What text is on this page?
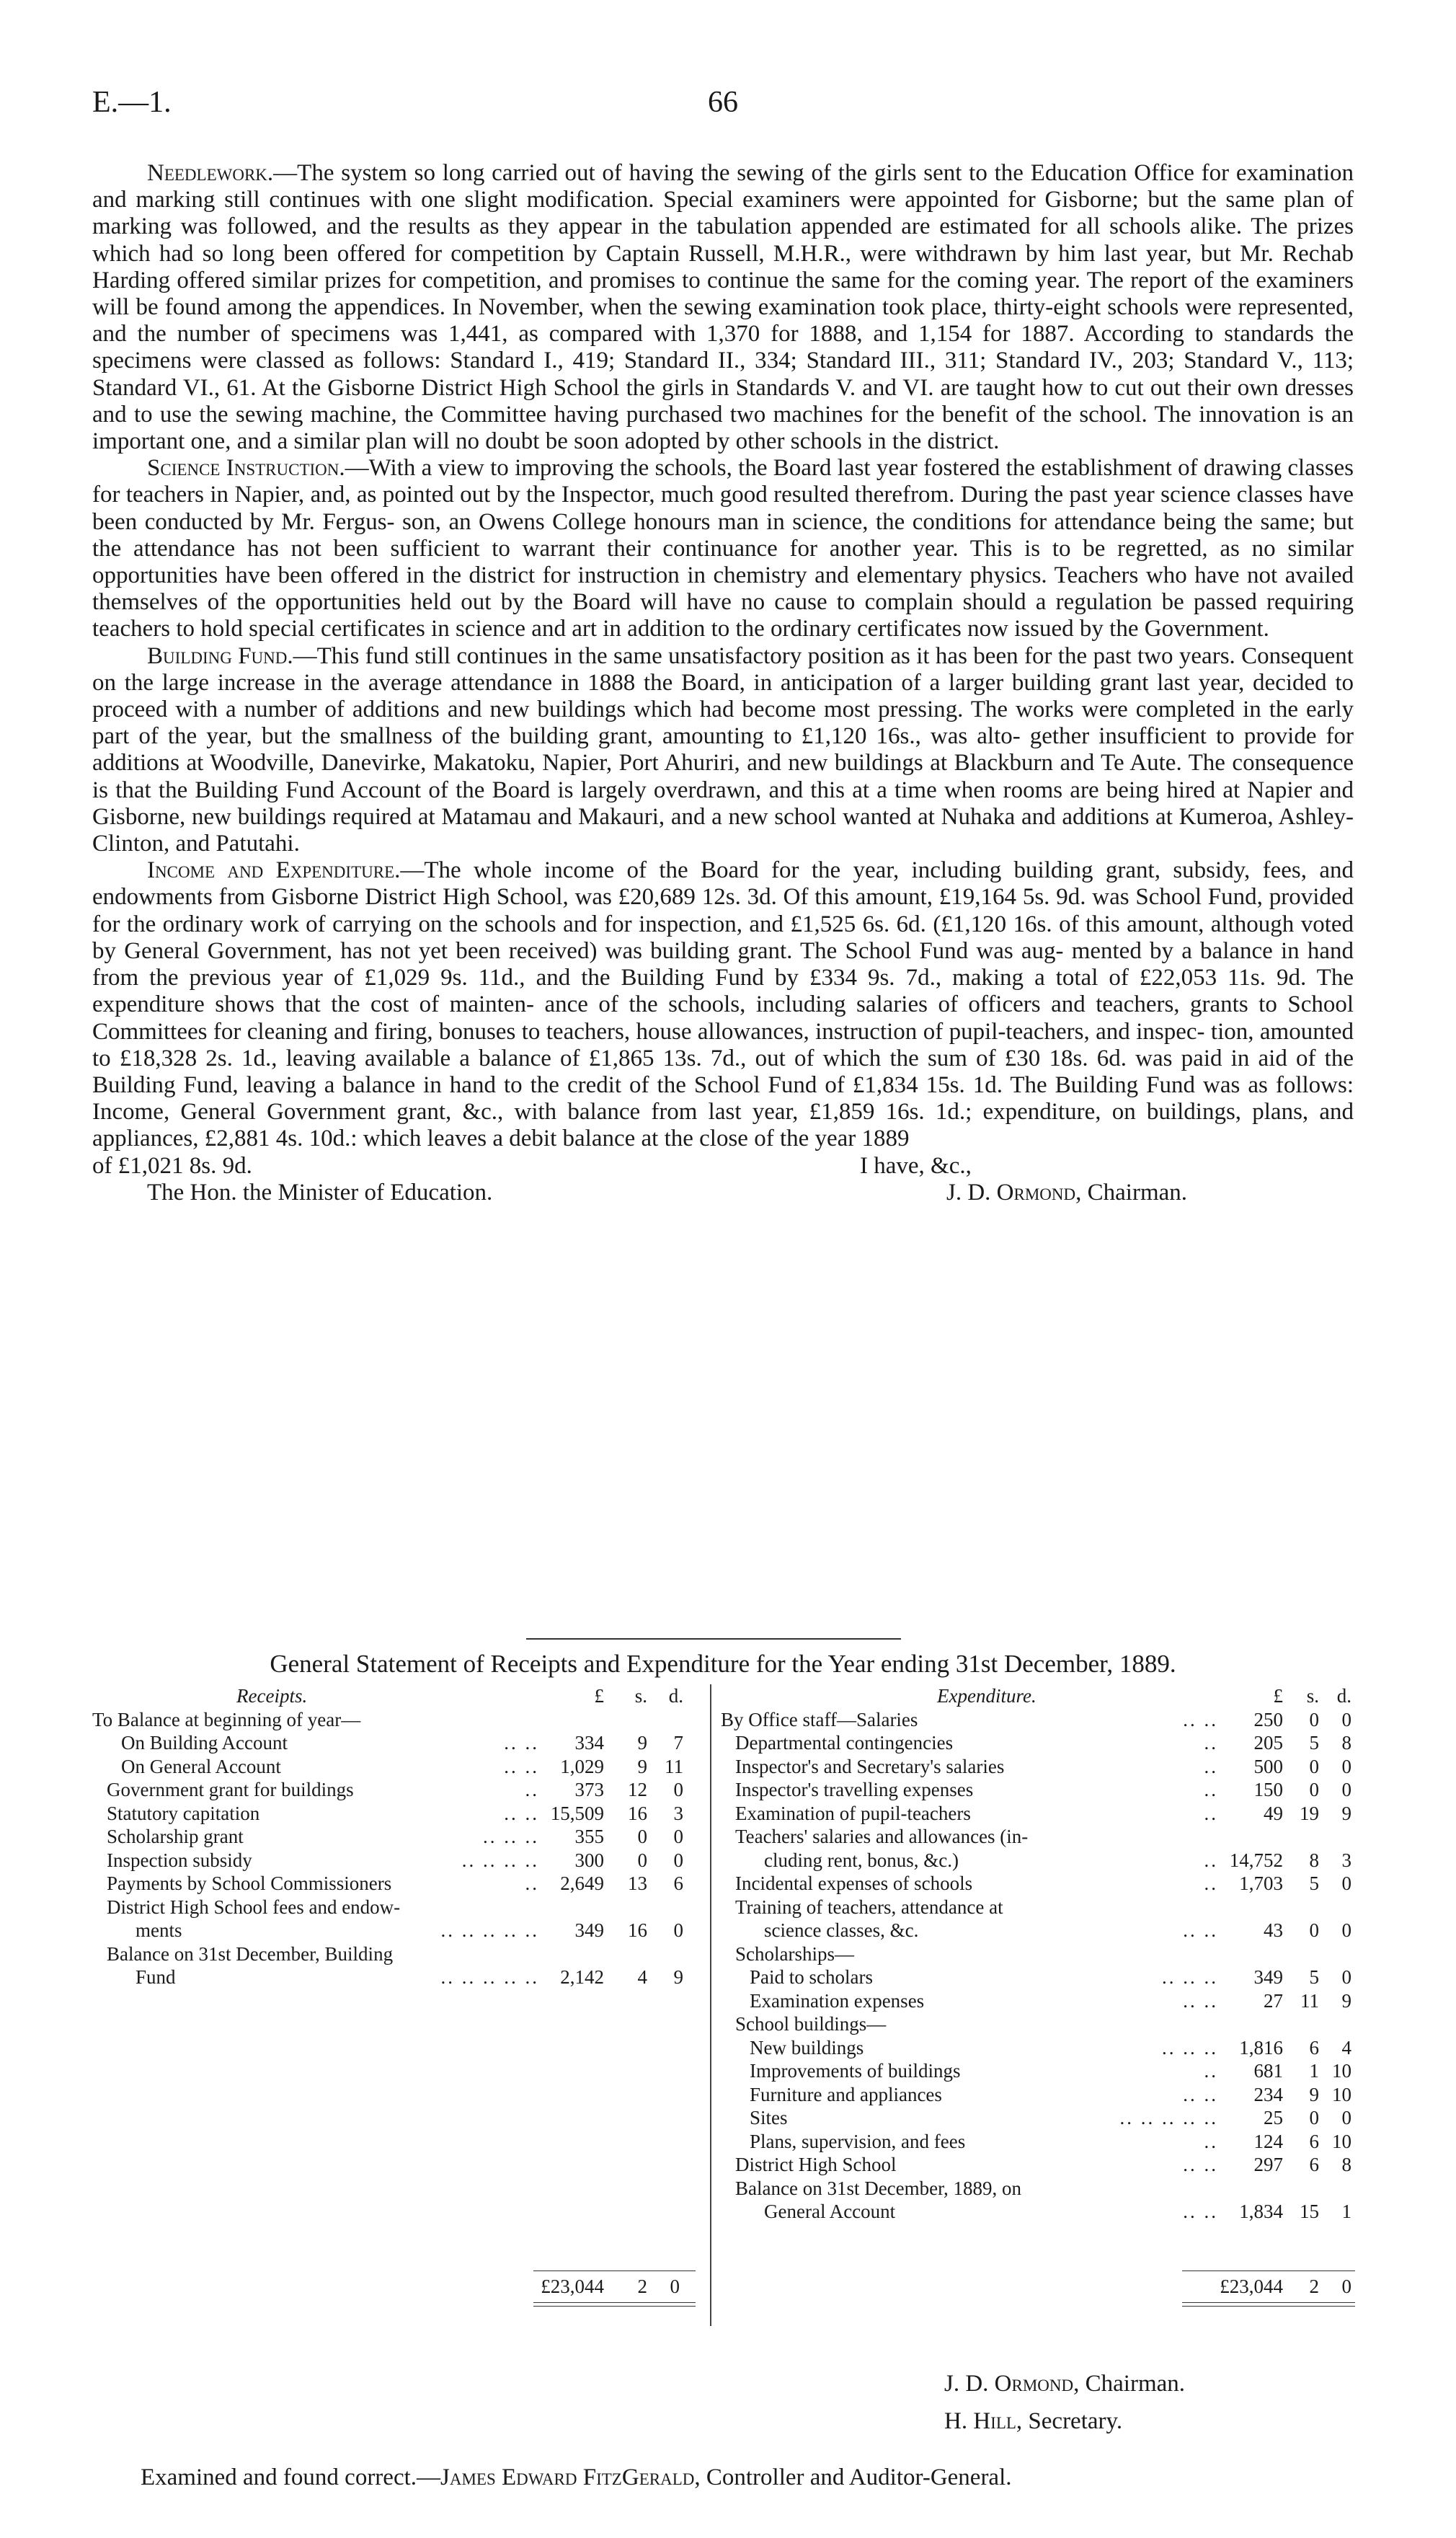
E.—1.	66

Needlework.—The system so long carried out of having the sewing of the girls sent to the Education Office for examination and marking still continues with one slight modification. Special examiners were appointed for Gisborne; but the same plan of marking was followed, and the results as they appear in the tabulation appended are estimated for all schools alike. The prizes which had so long been offered for competition by Captain Russell, M.H.R., were withdrawn by him last year, but Mr. Rechab Harding offered similar prizes for competition, and promises to continue the same for the coming year. The report of the examiners will be found among the appendices. In November, when the sewing examination took place, thirty-eight schools were represented, and the number of specimens was 1,441, as compared with 1,370 for 1888, and 1,154 for 1887. According to standards the specimens were classed as follows: Standard I., 419; Standard II., 334; Standard III., 311; Standard IV., 203; Standard V., 113; Standard VI., 61. At the Gisborne District High School the girls in Standards V. and VI. are taught how to cut out their own dresses and to use the sewing machine, the Committee having purchased two machines for the benefit of the school. The innovation is an important one, and a similar plan will no doubt be soon adopted by other schools in the district.

Science Instruction.—With a view to improving the schools, the Board last year fostered the establishment of drawing classes for teachers in Napier, and, as pointed out by the Inspector, much good resulted therefrom. During the past year science classes have been conducted by Mr. Fergus- son, an Owens College honours man in science, the conditions for attendance being the same; but the attendance has not been sufficient to warrant their continuance for another year. This is to be regretted, as no similar opportunities have been offered in the district for instruction in chemistry and elementary physics. Teachers who have not availed themselves of the opportunities held out by the Board will have no cause to complain should a regulation be passed requiring teachers to hold special certificates in science and art in addition to the ordinary certificates now issued by the Government.

Building Fund.—This fund still continues in the same unsatisfactory position as it has been for the past two years. Consequent on the large increase in the average attendance in 1888 the Board, in anticipation of a larger building grant last year, decided to proceed with a number of additions and new buildings which had become most pressing. The works were completed in the early part of the year, but the smallness of the building grant, amounting to £1,120 16s., was alto- gether insufficient to provide for additions at Woodville, Danevirke, Makatoku, Napier, Port Ahuriri, and new buildings at Blackburn and Te Aute. The consequence is that the Building Fund Account of the Board is largely overdrawn, and this at a time when rooms are being hired at Napier and Gisborne, new buildings required at Matamau and Makauri, and a new school wanted at Nuhaka and additions at Kumeroa, Ashley-Clinton, and Patutahi.

Income and Expenditure.—The whole income of the Board for the year, including building grant, subsidy, fees, and endowments from Gisborne District High School, was £20,689 12s. 3d. Of this amount, £19,164 5s. 9d. was School Fund, provided for the ordinary work of carrying on the schools and for inspection, and £1,525 6s. 6d. (£1,120 16s. of this amount, although voted by General Government, has not yet been received) was building grant. The School Fund was aug- mented by a balance in hand from the previous year of £1,029 9s. 11d., and the Building Fund by £334 9s. 7d., making a total of £22,053 11s. 9d. The expenditure shows that the cost of mainten- ance of the schools, including salaries of officers and teachers, grants to School Committees for cleaning and firing, bonuses to teachers, house allowances, instruction of pupil-teachers, and inspec- tion, amounted to £18,328 2s. 1d., leaving available a balance of £1,865 13s. 7d., out of which the sum of £30 18s. 6d. was paid in aid of the Building Fund, leaving a balance in hand to the credit of the School Fund of £1,834 15s. 1d. The Building Fund was as follows: Income, General Government grant, &c., with balance from last year, £1,859 16s. 1d.; expenditure, on buildings, plans, and appliances, £2,881 4s. 10d.: which leaves a debit balance at the close of the year 1889

of £1,021 8s. 9d.	I have, &c.,
The Hon. the Minister of Education.	J. D. Ormond, Chairman.
General Statement of Receipts and Expenditure for the Year ending 31st December, 1889.
Receipts.	£	s.	d.
To Balance at beginning of year—
On Building Account	.. ..	334	9	7
On General Account	.. ..	1,029	9 11
Government grant for buildings	..	373	12	0
Statutory capitation	.. .. 15,509	16	3
Scholarship grant	.. .. ..	355	0	0
Inspection subsidy	.. .. .. ..	300	0	0
Payments by School Commissioners	..	2,649	13	6
District High School fees and endow-
ments	.. .. .. .. ..	349	16	0
Balance on 31st December, Building
Fund	.. .. .. .. ..	2,142	4	9
Expenditure.	£	s. d.
By Office staff—Salaries	.. ..	250	0	0
Departmental contingencies	..	205	5	8
Inspector's and Secretary's salaries	..	500	0	0
Inspector's travelling expenses	..	150	0	0
Examination of pupil-teachers	..	49 19	9
Teachers' salaries and allowances (in-
cluding rent, bonus, &c.)	.. 14,752	8	3
Incidental expenses of schools	..	1,703	5	0
Training of teachers, attendance at
science classes, &c.	.. ..	43	0	0
Scholarships—
Paid to scholars	.. .. ..	349	5	0
Examination expenses	.. ..	27 11	9
School buildings—
New buildings	.. .. ..	1,816	6	4
Improvements of buildings	..	681	1 10
Furniture and appliances	.. ..	234	9 10
Sites	.. .. .. .. ..	25	0	0
Plans, supervision, and fees	..	124	6 10
District High School	.. ..	297	6	8
Balance on 31st December, 1889, on
General Account	.. ..	1,834 15	1
J. D. Ormond, Chairman.
H. Hill, Secretary.
Examined and found correct.—James Edward FitzGerald, Controller and Auditor-General.
£23,044	2	0	£23,044	2	0
